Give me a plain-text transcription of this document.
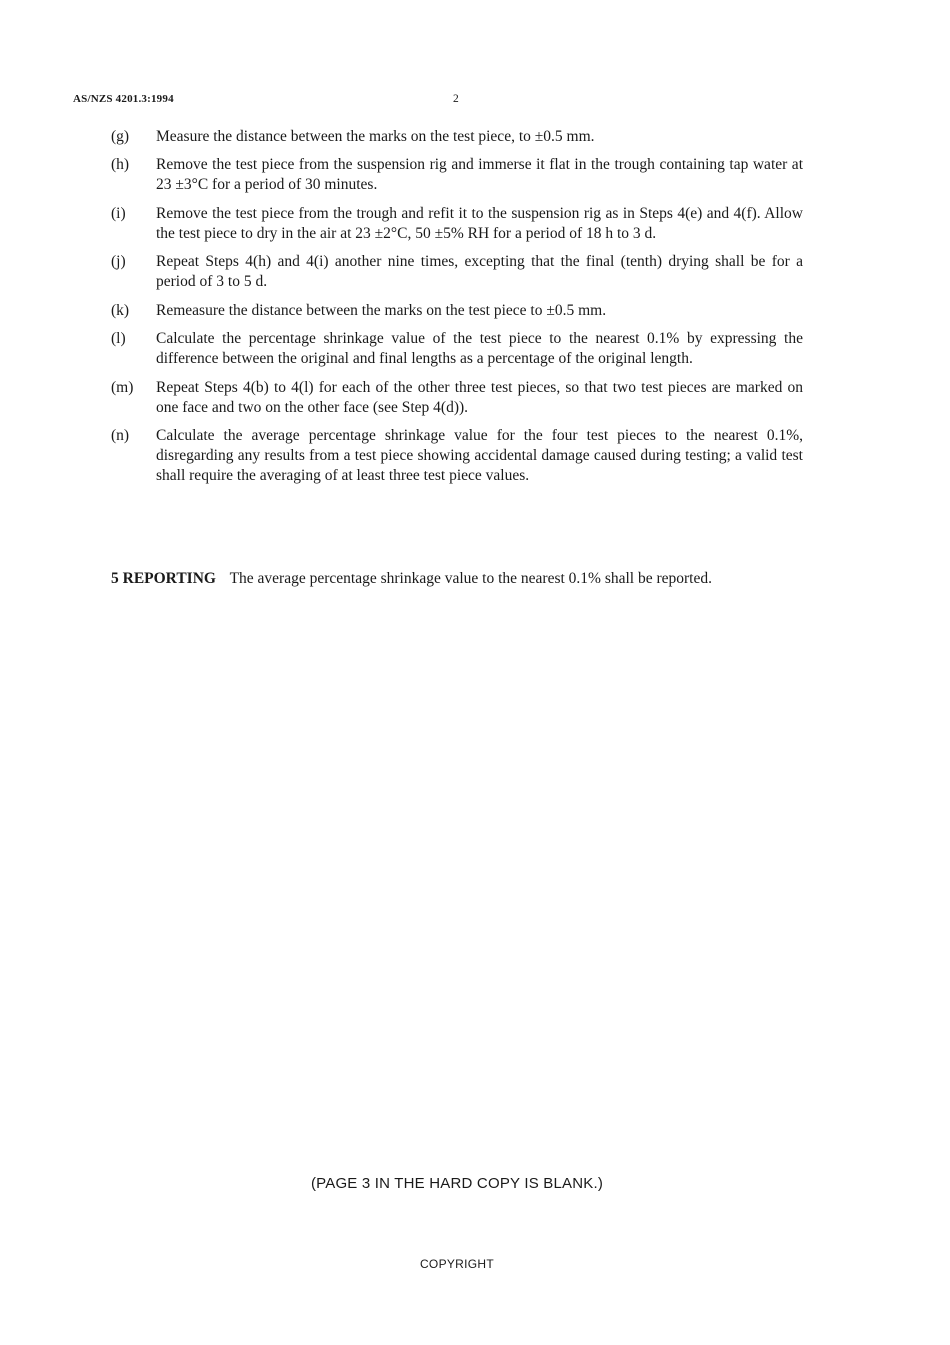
AS/NZS 4201.3:1994	2
(g) Measure the distance between the marks on the test piece, to ±0.5 mm.
(h) Remove the test piece from the suspension rig and immerse it flat in the trough containing tap water at 23 ±3°C for a period of 30 minutes.
(i) Remove the test piece from the trough and refit it to the suspension rig as in Steps 4(e) and 4(f). Allow the test piece to dry in the air at 23 ±2°C, 50 ±5% RH for a period of 18 h to 3 d.
(j) Repeat Steps 4(h) and 4(i) another nine times, excepting that the final (tenth) drying shall be for a period of 3 to 5 d.
(k) Remeasure the distance between the marks on the test piece to ±0.5 mm.
(l) Calculate the percentage shrinkage value of the test piece to the nearest 0.1% by expressing the difference between the original and final lengths as a percentage of the original length.
(m) Repeat Steps 4(b) to 4(l) for each of the other three test pieces, so that two test pieces are marked on one face and two on the other face (see Step 4(d)).
(n) Calculate the average percentage shrinkage value for the four test pieces to the nearest 0.1%, disregarding any results from a test piece showing accidental damage caused during testing; a valid test shall require the averaging of at least three test piece values.
5 REPORTING The average percentage shrinkage value to the nearest 0.1% shall be reported.
(PAGE 3 IN THE HARD COPY IS BLANK.)
COPYRIGHT
